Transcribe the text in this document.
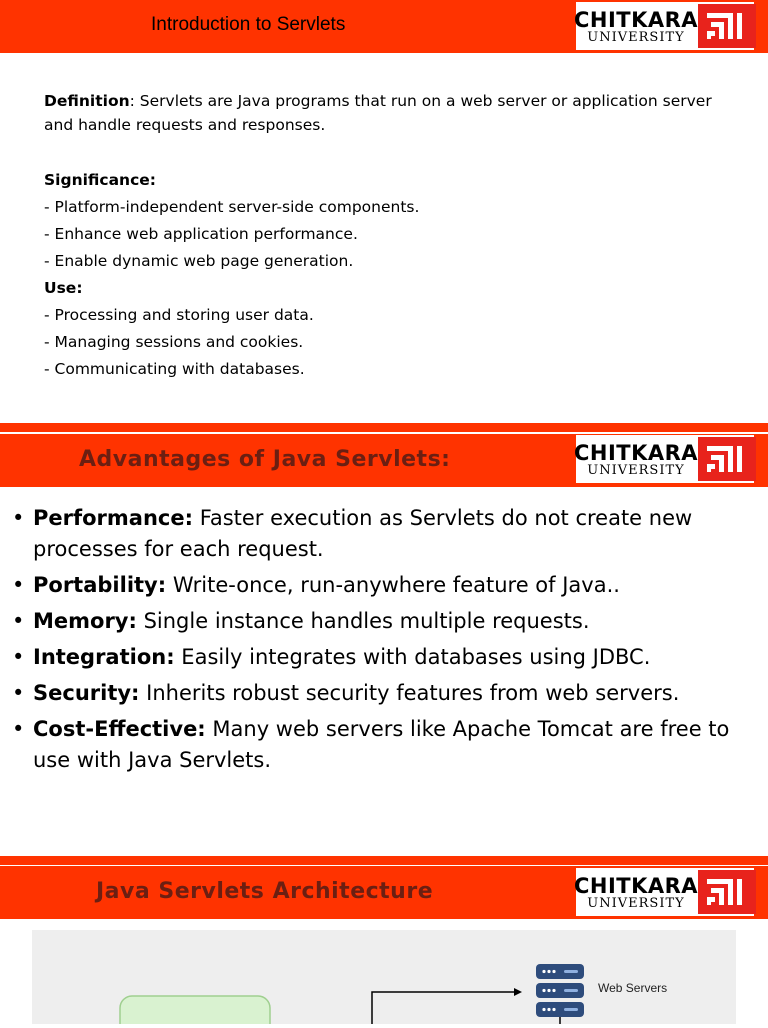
Introduction to Servlets	CHITKARA
UNIVERSITY
Definition: Servlets are Java programs that run on a web server or application server and handle requests and responses.
Significance:
- Platform-independent server-side components.
- Enhance web application performance.
- Enable dynamic web page generation.
Use:
- Processing and storing user data.
- Managing sessions and cookies.
- Communicating with databases.
Advantages of Java Servlets:	CHITKARA
UNIVERSITY
• Performance: Faster execution as Servlets do not create new processes for each request.
• Portability: Write-once, run-anywhere feature of Java..
• Memory: Single instance handles multiple requests.
• Integration: Easily integrates with databases using JDBC.
• Security: Inherits robust security features from web servers.
• Cost-Effective: Many web servers like Apache Tomcat are free to use with Java Servlets.
Java Servlets Architecture	CHITKARA
UNIVERSITY
Web Servers
